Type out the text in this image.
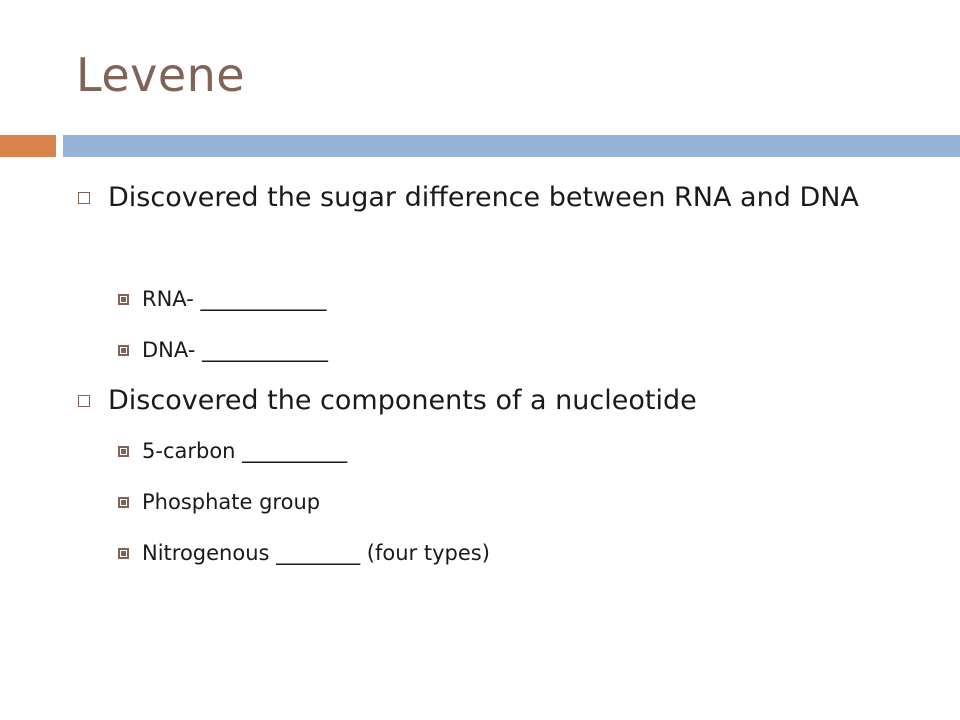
Levene
Discovered the sugar difference between RNA and DNA
RNA- ____________
DNA- ____________
Discovered the components of a nucleotide
5-carbon __________
Phosphate group
Nitrogenous ________ (four types)
